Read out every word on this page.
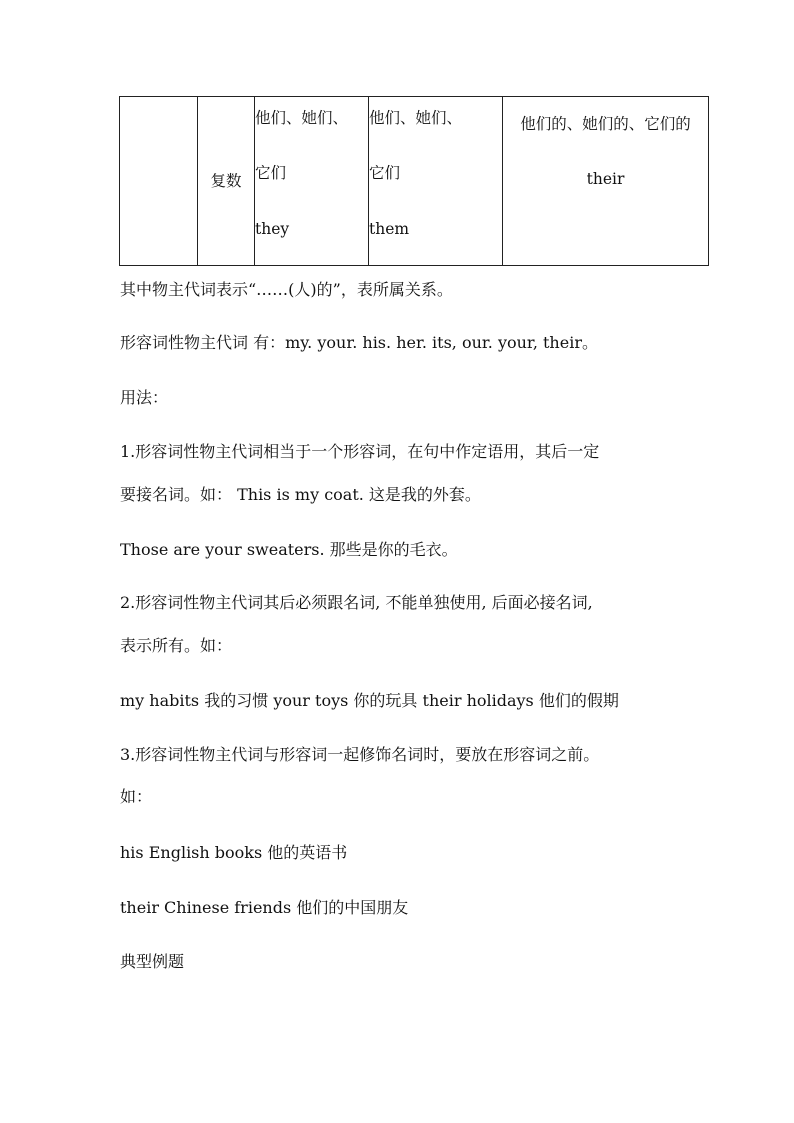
复数

他们、她们、
它们
they

他们、她们、
它们
them

他们的、她们的、它们的
their
其中物主代词表示“……(人)的”，表所属关系。
形容词性物主代词 有：my. your. his. her. its, our. your, their。
用法：
1.形容词性物主代词相当于一个形容词，在句中作定语用，其后一定
要接名词。如： This is my coat. 这是我的外套。
Those are your sweaters. 那些是你的毛衣。
2.形容词性物主代词其后必须跟名词, 不能单独使用, 后面必接名词,
表示所有。如：
my habits 我的习惯 your toys 你的玩具 their holidays 他们的假期
3.形容词性物主代词与形容词一起修饰名词时，要放在形容词之前。
如：
his English books 他的英语书
their Chinese friends 他们的中国朋友
典型例题
